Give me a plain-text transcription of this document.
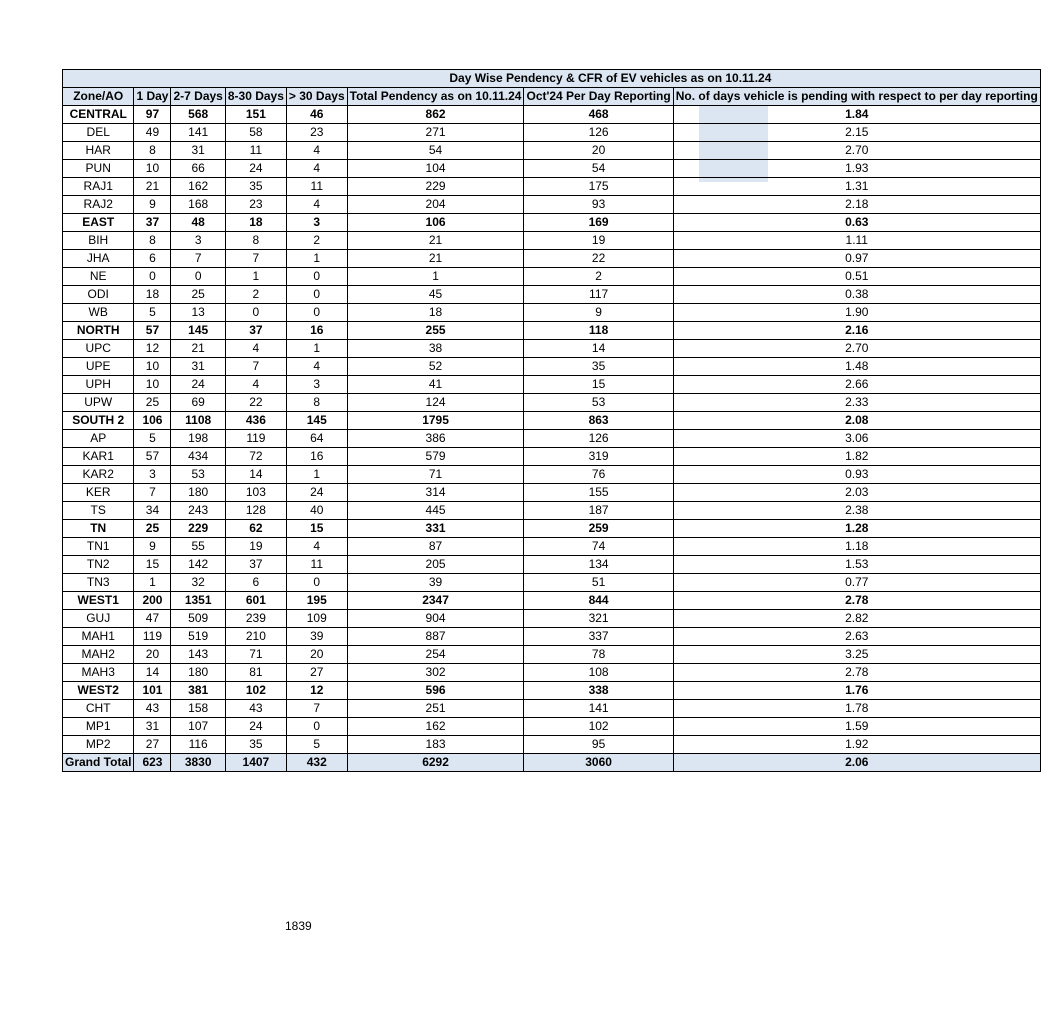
Day Wise Pendency & CFR of EV vehicles as on 10.11.24							
Zone/AO	1 Day	2-7 Days	8-30 Days	> 30 Days	Total Pendency as on 10.11.24	Oct'24 Per Day Reporting	No. of days vehicle is pending with respect to per day reporting
CENTRAL	97	568	151	46	862	468	1.84
DEL	49	141	58	23	271	126	2.15
HAR	8	31	11	4	54	20	2.70
PUN	10	66	24	4	104	54	1.93
RAJ1	21	162	35	11	229	175	1.31
RAJ2	9	168	23	4	204	93	2.18
EAST	37	48	18	3	106	169	0.63
BIH	8	3	8	2	21	19	1.11
JHA	6	7	7	1	21	22	0.97
NE	0	0	1	0	1	2	0.51
ODI	18	25	2	0	45	117	0.38
WB	5	13	0	0	18	9	1.90
NORTH	57	145	37	16	255	118	2.16
UPC	12	21	4	1	38	14	2.70
UPE	10	31	7	4	52	35	1.48
UPH	10	24	4	3	41	15	2.66
UPW	25	69	22	8	124	53	2.33
SOUTH 2	106	1108	436	145	1795	863	2.08
AP	5	198	119	64	386	126	3.06
KAR1	57	434	72	16	579	319	1.82
KAR2	3	53	14	1	71	76	0.93
KER	7	180	103	24	314	155	2.03
TS	34	243	128	40	445	187	2.38
TN	25	229	62	15	331	259	1.28
TN1	9	55	19	4	87	74	1.18
TN2	15	142	37	11	205	134	1.53
TN3	1	32	6	0	39	51	0.77
WEST1	200	1351	601	195	2347	844	2.78
GUJ	47	509	239	109	904	321	2.82
MAH1	119	519	210	39	887	337	2.63
MAH2	20	143	71	20	254	78	3.25
MAH3	14	180	81	27	302	108	2.78
WEST2	101	381	102	12	596	338	1.76
CHT	43	158	43	7	251	141	1.78
MP1	31	107	24	0	162	102	1.59
MP2	27	116	35	5	183	95	1.92
Grand Total	623	3830	1407	432	6292	3060	2.06
1839
